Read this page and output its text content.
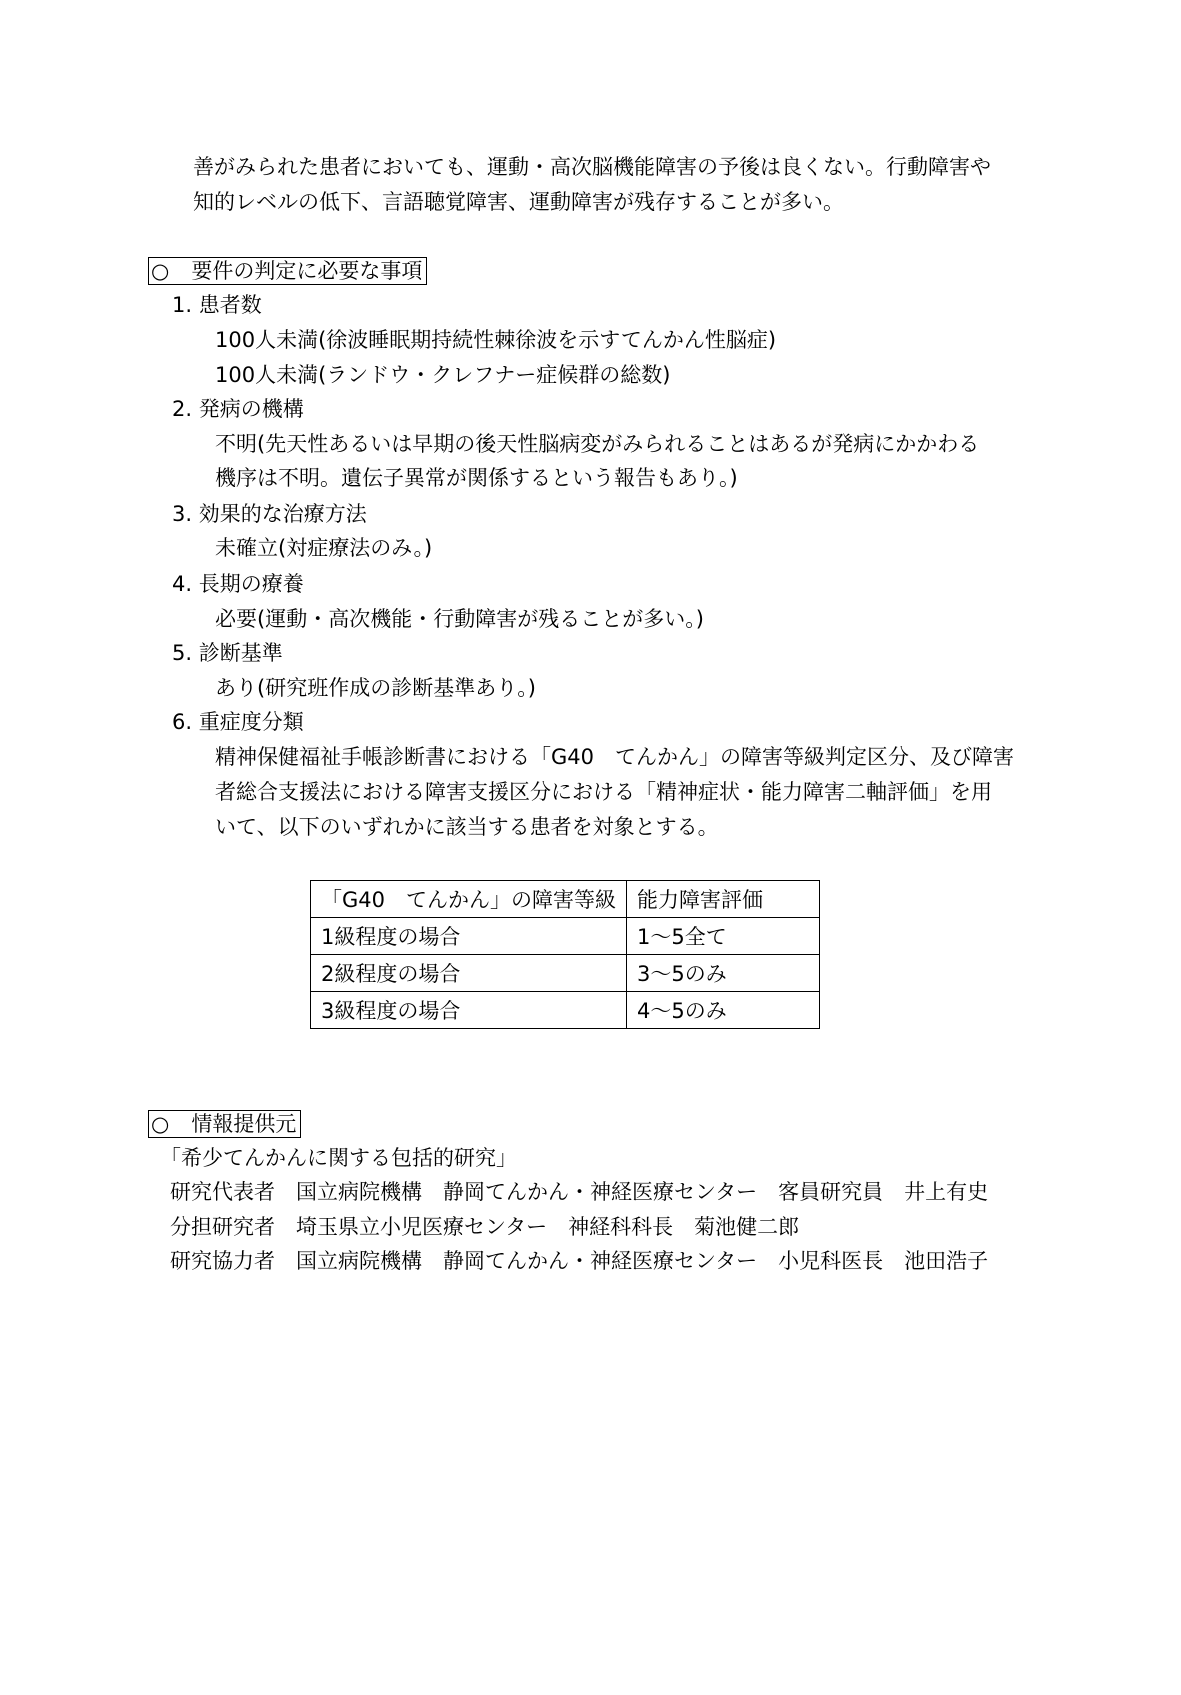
善がみられた患者においても、運動・高次脳機能障害の予後は良くない。行動障害や
知的レベルの低下、言語聴覚障害、運動障害が残存することが多い。
○ 要件の判定に必要な事項
1. 患者数
100人未満(徐波睡眠期持続性棘徐波を示すてんかん性脳症)
100人未満(ランドウ・クレフナー症候群の総数)
2. 発病の機構
不明(先天性あるいは早期の後天性脳病変がみられることはあるが発病にかかわる
機序は不明。遺伝子異常が関係するという報告もあり。)
3. 効果的な治療方法
未確立(対症療法のみ。)
4. 長期の療養
必要(運動・高次機能・行動障害が残ることが多い。)
5. 診断基準
あり(研究班作成の診断基準あり。)
6. 重症度分類
精神保健福祉手帳診断書における「G40　てんかん」の障害等級判定区分、及び障害
者総合支援法における障害支援区分における「精神症状・能力障害二軸評価」を用
いて、以下のいずれかに該当する患者を対象とする。
「G40　てんかん」の障害等級	能力障害評価
1級程度の場合	1～5全て
2級程度の場合	3～5のみ
3級程度の場合	4～5のみ
○ 情報提供元
「希少てんかんに関する包括的研究」
研究代表者　国立病院機構　静岡てんかん・神経医療センター　客員研究員　井上有史
分担研究者　埼玉県立小児医療センター　神経科科長　菊池健二郎
研究協力者　国立病院機構　静岡てんかん・神経医療センター　小児科医長　池田浩子
